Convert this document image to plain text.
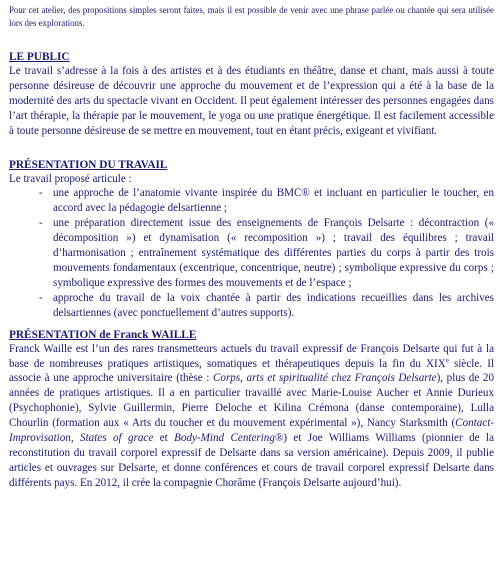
Pour cet atelier, des propositions simples seront faites, mais il est possible de venir avec une phrase parlée ou chantée qui sera utilisée lors des explorations.

LE PUBLIC

Le travail s’adresse à la fois à des artistes et à des étudiants en théâtre, danse et chant, mais aussi à toute personne désireuse de découvrir une approche du mouvement et de l’expression qui a été à la base de la modernité des arts du spectacle vivant en Occident. Il peut également intéresser des personnes engagées dans l’art thérapie, la thérapie par le mouvement, le yoga ou une pratique énergétique. Il est facilement accessible à toute personne désireuse de se mettre en mouvement, tout en étant précis, exigeant et vivifiant.

PRÉSENTATION DU TRAVAIL

Le travail proposé articule :

- une approche de l’anatomie vivante inspirée du BMC® et incluant en particulier le toucher, en accord avec la pédagogie delsartienne ;
- une préparation directement issue des enseignements de François Delsarte : décontraction (« décomposition ») et dynamisation (« recomposition ») ; travail des équilibres ; travail d’harmonisation ; entraînement systématique des différentes parties du corps à partir des trois mouvements fondamentaux (excentrique, concentrique, neutre) ; symbolique expressive du corps ; symbolique expressive des formes des mouvements et de l’espace ;
- approche du travail de la voix chantée à partir des indications recueillies dans les archives delsartiennes (avec ponctuellement d’autres supports).
PRÉSENTATION de Franck WAILLE

Franck Waille est l’un des rares transmetteurs actuels du travail expressif de François Delsarte qui fut à la base de nombreuses pratiques artistiques, somatiques et thérapeutiques depuis la fin du XIXe siècle. Il associe à une approche universitaire (thèse : Corps, arts et spiritualité chez François Delsarte), plus de 20 années de pratiques artistiques. Il a en particulier travaillé avec Marie-Louise Aucher et Annie Durieux (Psychophonie), Sylvie Guillermin, Pierre Deloche et Kilina Crémona (danse contemporaine), Lulla Chourlin (formation aux « Arts du toucher et du mouvement expérimental »), Nancy Starksmith (Contact-Improvisation, States of grace et Body-Mind Centering®) et Joe Williams Williams (pionnier de la reconstitution du travail corporel expressif de Delsarte dans sa version américaine). Depuis 2009, il publie articles et ouvrages sur Delsarte, et donne conférences et cours de travail corporel expressif Delsarte dans différents pays. En 2012, il crée la compagnie Chorâme (François Delsarte aujourd’hui).
